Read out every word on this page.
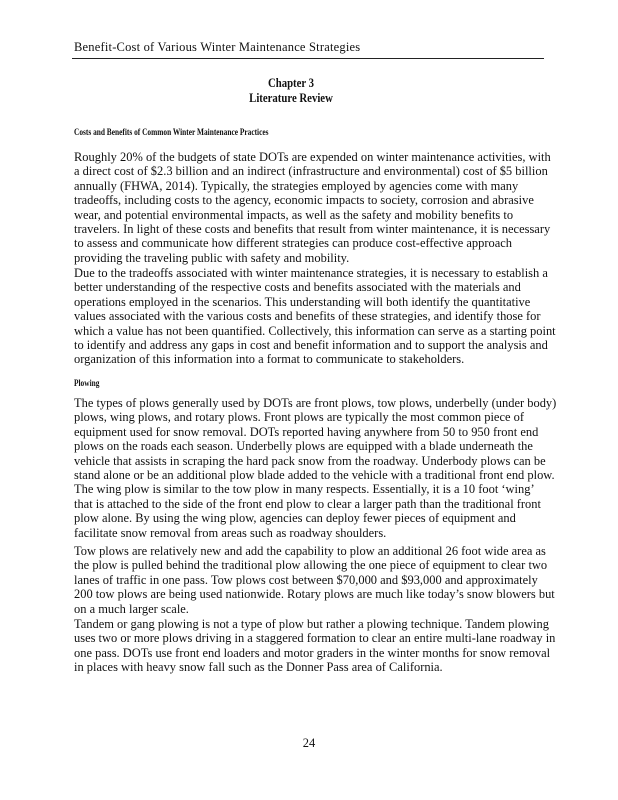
Benefit-Cost of Various Winter Maintenance Strategies
Chapter 3
Literature Review
Costs and Benefits of Common Winter Maintenance Practices
Roughly 20% of the budgets of state DOTs are expended on winter maintenance activities, with
a direct cost of $2.3 billion and an indirect (infrastructure and environmental) cost of $5 billion
annually (FHWA, 2014). Typically, the strategies employed by agencies come with many
tradeoffs, including costs to the agency, economic impacts to society, corrosion and abrasive
wear, and potential environmental impacts, as well as the safety and mobility benefits to
travelers. In light of these costs and benefits that result from winter maintenance, it is necessary
to assess and communicate how different strategies can produce cost-effective approach
providing the traveling public with safety and mobility.
Due to the tradeoffs associated with winter maintenance strategies, it is necessary to establish a
better understanding of the respective costs and benefits associated with the materials and
operations employed in the scenarios. This understanding will both identify the quantitative
values associated with the various costs and benefits of these strategies, and identify those for
which a value has not been quantified. Collectively, this information can serve as a starting point
to identify and address any gaps in cost and benefit information and to support the analysis and
organization of this information into a format to communicate to stakeholders.
Plowing
The types of plows generally used by DOTs are front plows, tow plows, underbelly (under body)
plows, wing plows, and rotary plows. Front plows are typically the most common piece of
equipment used for snow removal. DOTs reported having anywhere from 50 to 950 front end
plows on the roads each season. Underbelly plows are equipped with a blade underneath the
vehicle that assists in scraping the hard pack snow from the roadway. Underbody plows can be
stand alone or be an additional plow blade added to the vehicle with a traditional front end plow.
The wing plow is similar to the tow plow in many respects. Essentially, it is a 10 foot ‘wing’
that is attached to the side of the front end plow to clear a larger path than the traditional front
plow alone. By using the wing plow, agencies can deploy fewer pieces of equipment and
facilitate snow removal from areas such as roadway shoulders.
Tow plows are relatively new and add the capability to plow an additional 26 foot wide area as
the plow is pulled behind the traditional plow allowing the one piece of equipment to clear two
lanes of traffic in one pass. Tow plows cost between $70,000 and $93,000 and approximately
200 tow plows are being used nationwide. Rotary plows are much like today’s snow blowers but
on a much larger scale.
Tandem or gang plowing is not a type of plow but rather a plowing technique. Tandem plowing
uses two or more plows driving in a staggered formation to clear an entire multi-lane roadway in
one pass. DOTs use front end loaders and motor graders in the winter months for snow removal
in places with heavy snow fall such as the Donner Pass area of California.
24
